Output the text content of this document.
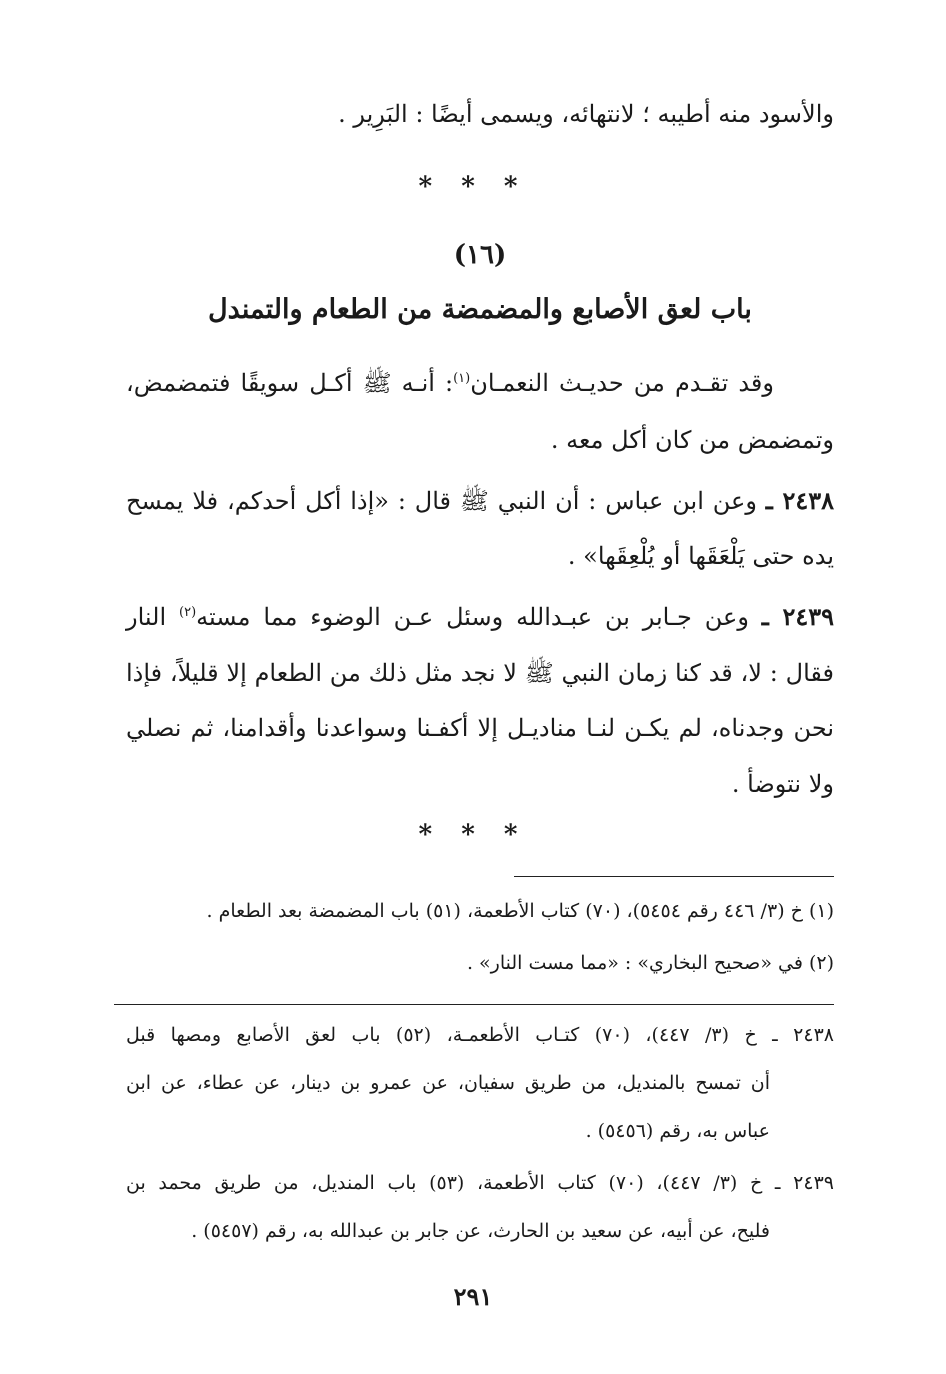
والأسود منه أطيبه ؛ لانتهائه، ويسمى أيضًا : البَرِير .
* * *
(١٦)
باب لعق الأصابع والمضمضة من الطعام والتمندل
وقد تقـدم من حديـث النعمـان$^{(١)}$: أنـه ﷺ أكـل سويقًا فتمضمض،
وتمضمض من كان أكل معه .
٢٤٣٨ ـ وعن ابن عباس : أن النبي ﷺ قال : «إذا أكل أحدكم، فلا يمسح
يده حتى يَلْعَقَها أو يُلْعِقَها» .
٢٤٣٩ ـ وعن جـابر بن عبـدالله وسئل عـن الوضوء مما مسته$^{(٢)}$ النار
فقال : لا، قد كنا زمان النبي ﷺ لا نجد مثل ذلك من الطعام إلا قليلاً، فإذا
نحن وجدناه، لم يكـن لنـا مناديـل إلا أكفـنا وسواعدنا وأقدامنا، ثم نصلي
ولا نتوضأ .
* * *
(١) خ (٣/ ٤٤٦ رقم ٥٤٥٤)، (٧٠) كتاب الأطعمة، (٥١) باب المضمضة بعد الطعام .
(٢) في «صحيح البخاري» : «مما مست النار» .
٢٤٣٨ ـ خ (٣/ ٤٤٧)، (٧٠) كتـاب الأطعمـة، (٥٢) باب لعق الأصابع ومصها قبل
أن تمسح بالمنديل، من طريق سفيان، عن عمرو بن دينار، عن عطاء، عن ابن
عباس به، رقم (٥٤٥٦) .
٢٤٣٩ ـ خ (٣/ ٤٤٧)، (٧٠) كتاب الأطعمة، (٥٣) باب المنديل، من طريق محمد بن
فليح، عن أبيه، عن سعيد بن الحارث، عن جابر بن عبدالله به، رقم (٥٤٥٧) .
٢٩١
